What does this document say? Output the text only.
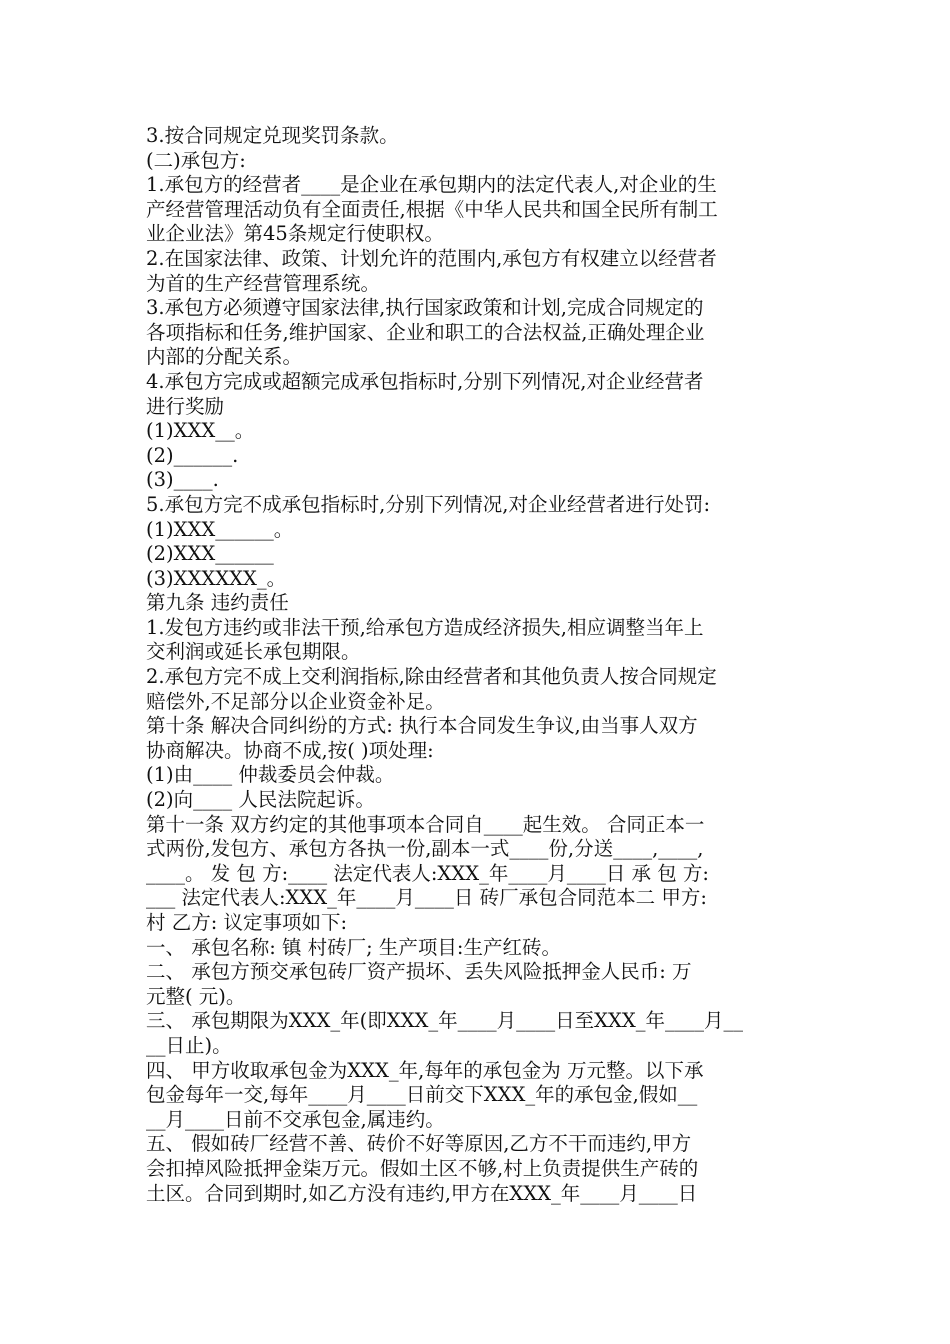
3.按合同规定兑现奖罚条款。
(二)承包方:
1.承包方的经营者____是企业在承包期内的法定代表人,对企业的生
产经营管理活动负有全面责任,根据《中华人民共和国全民所有制工
业企业法》第45条规定行使职权。
2.在国家法律、政策、计划允许的范围内,承包方有权建立以经营者
为首的生产经营管理系统。
3.承包方必须遵守国家法律,执行国家政策和计划,完成合同规定的
各项指标和任务,维护国家、企业和职工的合法权益,正确处理企业
内部的分配关系。
4.承包方完成或超额完成承包指标时,分别下列情况,对企业经营者
进行奖励
(1)XXX__。
(2)______.
(3)____.
5.承包方完不成承包指标时,分别下列情况,对企业经营者进行处罚:
(1)XXX______。
(2)XXX______
(3)XXXXXX_。
第九条 违约责任
1.发包方违约或非法干预,给承包方造成经济损失,相应调整当年上
交利润或延长承包期限。
2.承包方完不成上交利润指标,除由经营者和其他负责人按合同规定
赔偿外,不足部分以企业资金补足。
第十条 解决合同纠纷的方式: 执行本合同发生争议,由当事人双方
协商解决。协商不成,按( )项处理:
(1)由____ 仲裁委员会仲裁。
(2)向____ 人民法院起诉。
第十一条 双方约定的其他事项本合同自____起生效。 合同正本一
式两份,发包方、承包方各执一份,副本一式____份,分送____,____,
____。 发 包 方:____ 法定代表人:XXX_年____月____日 承 包 方:
___ 法定代表人:XXX_年____月____日 砖厂承包合同范本二 甲方:
村 乙方: 议定事项如下:
一、 承包名称: 镇 村砖厂; 生产项目:生产红砖。
二、 承包方预交承包砖厂资产损坏、丢失风险抵押金人民币: 万
元整( 元)。
三、 承包期限为XXX_年(即XXX_年____月____日至XXX_年____月__
__日止)。
四、 甲方收取承包金为XXX_年,每年的承包金为 万元整。以下承
包金每年一交,每年____月____日前交下XXX_年的承包金,假如__
__月____日前不交承包金,属违约。
五、 假如砖厂经营不善、砖价不好等原因,乙方不干而违约,甲方
会扣掉风险抵押金柒万元。假如土区不够,村上负责提供生产砖的
土区。合同到期时,如乙方没有违约,甲方在XXX_年____月____日
